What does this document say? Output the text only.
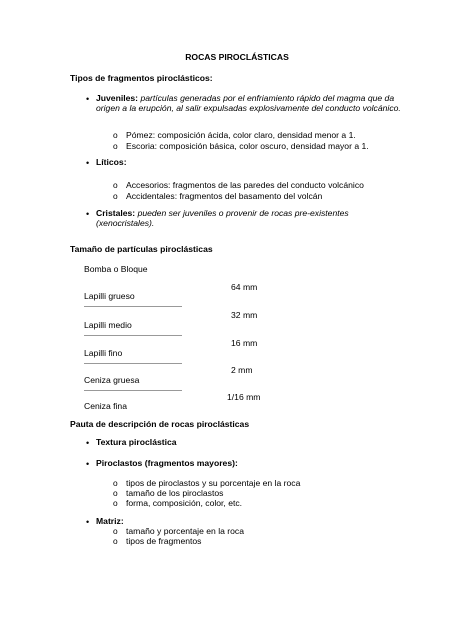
ROCAS PIROCLÁSTICAS
Tipos de fragmentos piroclásticos:
• Juveniles: partículas generadas por el enfriamiento rápido del magma que da origen a la erupción, al salir expulsadas explosivamente del conducto volcánico.
o Pómez: composición ácida, color claro, densidad menor a 1.
o Escoria: composición básica, color oscuro, densidad mayor a 1.
• Líticos:
o Accesorios: fragmentos de las paredes del conducto volcánico
o Accidentales: fragmentos del basamento del volcán
• Cristales: pueden ser juveniles o provenir de rocas pre-existentes (xenocristales).
Tamaño de partículas piroclásticas
Bomba o Bloque
64 mm
Lapilli grueso
32 mm
Lapilli medio
16 mm
Lapilli fino
2 mm
Ceniza gruesa
1/16 mm
Ceniza fina
Pauta de descripción de rocas piroclásticas
• Textura piroclástica
• Piroclastos (fragmentos mayores):
o tipos de piroclastos y su porcentaje en la roca
o tamaño de los piroclastos
o forma, composición, color, etc.
• Matriz:
o tamaño y porcentaje en la roca
o tipos de fragmentos
